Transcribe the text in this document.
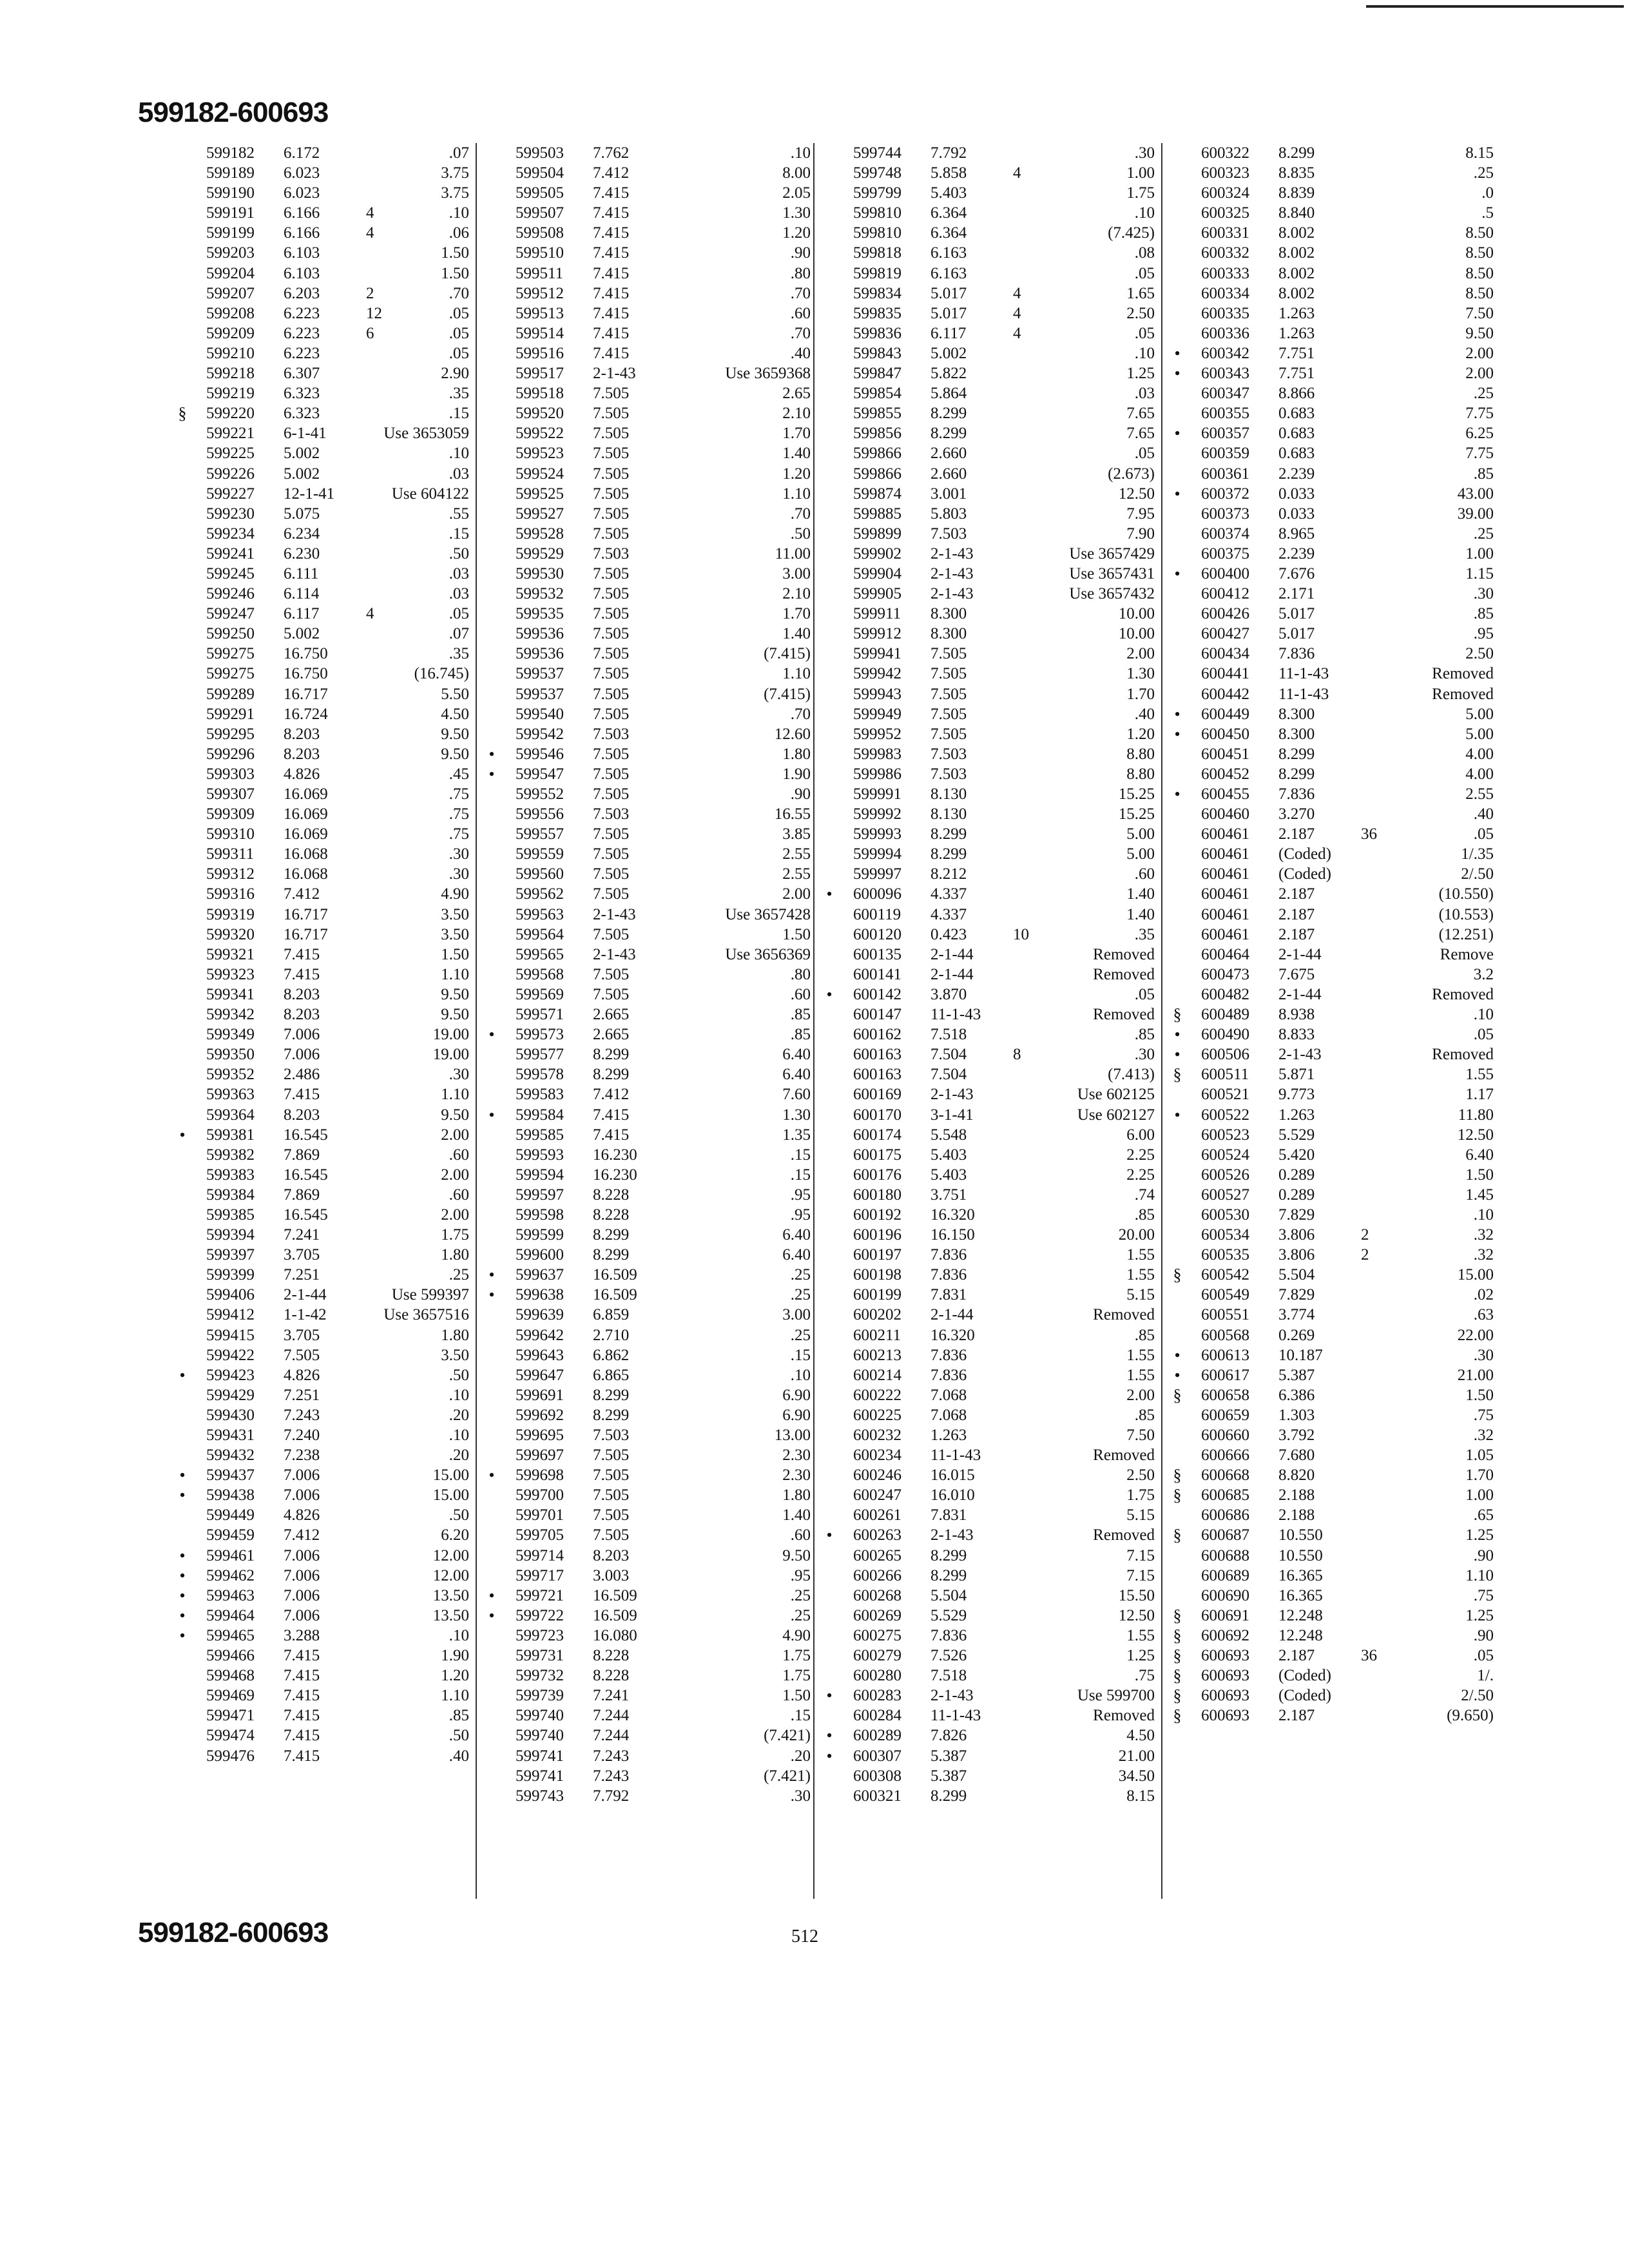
599182-600693
599182 6.172	.07
599189 6.023	3.75
599190 6.023	3.75
599191 6.166	4	.10
599199 6.166	4	.06
599203 6.103	1.50
599204 6.103	1.50
599207 6.203	2	.70
599208 6.223	12	.05
599209 6.223	6	.05
599210 6.223	.05
599218 6.307	2.90
599219 6.323	.35
§	599220 6.323	.15
599221 6-1-41	Use 3653059
599225 5.002	.10
599226 5.002	.03
599227 12-1-41	Use 604122
599230 5.075	.55
599234 6.234	.15
599241 6.230	.50
599245 6.111	.03
599246 6.114	.03
599247 6.117	4	.05
599250 5.002	.07
599275 16.750	.35
599275 16.750	(16.745)
599289 16.717	5.50
599291 16.724	4.50
599295 8.203	9.50
599296 8.203	9.50
599303 4.826	.45
599307 16.069	.75
599309 16.069	.75
599310 16.069	.75
599311 16.068	.30
599312 16.068	.30
599316 7.412	4.90
599319 16.717	3.50
599320 16.717	3.50
599321 7.415	1.50
599323 7.415	1.10
599341 8.203	9.50
599342 8.203	9.50
599349 7.006	19.00
599350 7.006	19.00
599352 2.486	.30
599363 7.415	1.10
599364 8.203	9.50
•	599381 16.545	2.00
599382 7.869	.60
599383 16.545	2.00
599384 7.869	.60
599385 16.545	2.00
599394 7.241	1.75
599397 3.705	1.80
599399 7.251	.25
599406 2-1-44	Use 599397
599412 1-1-42	Use 3657516
599415 3.705	1.80
599422 7.505	3.50
•	599423 4.826	.50
599429 7.251	.10
599430 7.243	.20
599431 7.240	.10
599432 7.238	.20
•	599437 7.006	15.00
•	599438 7.006	15.00
599449 4.826	.50
599459 7.412	6.20
•	599461 7.006	12.00
•	599462 7.006	12.00
•	599463 7.006	13.50
•	599464 7.006	13.50
•	599465 3.288	.10
599466 7.415	1.90
599468 7.415	1.20
599469 7.415	1.10
599471 7.415	.85
599474 7.415	.50
599476 7.415	.40
599503 7.762	.10
599504 7.412	8.00
599505 7.415	2.05
599507 7.415	1.30
599508 7.415	1.20
599510 7.415	.90
599511 7.415	.80
599512 7.415	.70
599513 7.415	.60
599514 7.415	.70
599516 7.415	.40
599517 2-1-43	Use 3659368
599518 7.505	2.65
599520 7.505	2.10
599522 7.505	1.70
599523 7.505	1.40
599524 7.505	1.20
599525 7.505	1.10
599527 7.505	.70
599528 7.505	.50
599529 7.503	11.00
599530 7.505	3.00
599532 7.505	2.10
599535 7.505	1.70
599536 7.505	1.40
599536 7.505	(7.415)
599537 7.505	1.10
599537 7.505	(7.415)
599540 7.505	.70
599542 7.503	12.60
•	599546 7.505	1.80
•	599547 7.505	1.90
599552 7.505	.90
599556 7.503	16.55
599557 7.505	3.85
599559 7.505	2.55
599560 7.505	2.55
599562 7.505	2.00
599563 2-1-43	Use 3657428
599564 7.505	1.50
599565 2-1-43	Use 3656369
599568 7.505	.80
599569 7.505	.60
599571 2.665	.85
•	599573 2.665	.85
599577 8.299	6.40
599578 8.299	6.40
599583 7.412	7.60
•	599584 7.415	1.30
599585 7.415	1.35
599593 16.230	.15
599594 16.230	.15
599597 8.228	.95
599598 8.228	.95
599599 8.299	6.40
599600 8.299	6.40
•	599637 16.509	.25
•	599638 16.509	.25
599639 6.859	3.00
599642 2.710	.25
599643 6.862	.15
599647 6.865	.10
599691 8.299	6.90
599692 8.299	6.90
599695 7.503	13.00
599697 7.505	2.30
•	599698 7.505	2.30
599700 7.505	1.80
599701 7.505	1.40
599705 7.505	.60
599714 8.203	9.50
599717 3.003	.95
•	599721 16.509	.25
•	599722 16.509	.25
599723 16.080	4.90
599731 8.228	1.75
599732 8.228	1.75
599739 7.241	1.50
599740 7.244	.15
599740 7.244	(7.421)
599741 7.243	.20
599741 7.243	(7.421)
599743 7.792	.30
599744 7.792	.30
599748 5.858	4	1.00
599799 5.403	1.75
599810 6.364	.10
599810 6.364	(7.425)
599818 6.163	.08
599819 6.163	.05
599834 5.017	4	1.65
599835 5.017	4	2.50
599836 6.117	4	.05
599843 5.002	.10
599847 5.822	1.25
599854 5.864	.03
599855 8.299	7.65
599856 8.299	7.65
599866 2.660	.05
599866 2.660	(2.673)
599874 3.001	12.50
599885 5.803	7.95
599899 7.503	7.90
599902 2-1-43	Use 3657429
599904 2-1-43	Use 3657431
599905 2-1-43	Use 3657432
599911 8.300	10.00
599912 8.300	10.00
599941 7.505	2.00
599942 7.505	1.30
599943 7.505	1.70
599949 7.505	.40
599952 7.505	1.20
599983 7.503	8.80
599986 7.503	8.80
599991 8.130	15.25
599992 8.130	15.25
599993 8.299	5.00
599994 8.299	5.00
599997 8.212	.60
•	600096 4.337	1.40
600119 4.337	1.40
600120 0.423	10	.35
600135 2-1-44	Removed
600141 2-1-44	Removed
•	600142 3.870	.05
600147 11-1-43	Removed
600162 7.518	.85
600163 7.504	8	.30
600163 7.504	(7.413)
600169 2-1-43	Use 602125
600170 3-1-41	Use 602127
600174 5.548	6.00
600175 5.403	2.25
600176 5.403	2.25
600180 3.751	.74
600192 16.320	.85
600196 16.150	20.00
600197 7.836	1.55
600198 7.836	1.55
600199 7.831	5.15
600202 2-1-44	Removed
600211 16.320	.85
600213 7.836	1.55
600214 7.836	1.55
600222 7.068	2.00
600225 7.068	.85
600232 1.263	7.50
600234 11-1-43	Removed
600246 16.015	2.50
600247 16.010	1.75
600261 7.831	5.15
•	600263 2-1-43	Removed
600265 8.299	7.15
600266 8.299	7.15
600268 5.504	15.50
600269 5.529	12.50
600275 7.836	1.55
600279 7.526	1.25
600280 7.518	.75
•	600283 2-1-43	Use 599700
600284 11-1-43	Removed
•	600289 7.826	4.50
•	600307 5.387	21.00
600308 5.387	34.50
600321 8.299	8.15
600322 8.299	8.15
600323 8.835	.25
600324 8.839	.0
600325 8.840	.5
600331 8.002	8.50
600332 8.002	8.50
600333 8.002	8.50
600334 8.002	8.50
600335 1.263	7.50
600336 1.263	9.50
•	600342 7.751	2.00
•	600343 7.751	2.00
600347 8.866	.25
600355 0.683	7.75
•	600357 0.683	6.25
600359 0.683	7.75
600361 2.239	.85
•	600372 0.033	43.00
600373 0.033	39.00
600374 8.965	.25
600375 2.239	1.00
•	600400 7.676	1.15
600412 2.171	.30
600426 5.017	.85
600427 5.017	.95
600434 7.836	2.50
600441 11-1-43	Removed
600442 11-1-43	Removed
•	600449 8.300	5.00
•	600450 8.300	5.00
600451 8.299	4.00
600452 8.299	4.00
•	600455 7.836	2.55
600460 3.270	.40
600461 2.187	36	.05
600461 (Coded)	1/.35
600461 (Coded)	2/.50
600461 2.187	(10.550)
600461 2.187	(10.553)
600461 2.187	(12.251)
600464 2-1-44	Remove
600473 7.675	3.2
600482 2-1-44	Removed
§	600489 8.938	.10
•	600490 8.833	.05
•	600506 2-1-43	Removed
§	600511 5.871	1.55
600521 9.773	1.17
•	600522 1.263	11.80
600523 5.529	12.50
600524 5.420	6.40
600526 0.289	1.50
600527 0.289	1.45
600530 7.829	.10
600534 3.806	2	.32
600535 3.806	2	.32
§	600542 5.504	15.00
600549 7.829	.02
600551 3.774	.63
600568 0.269	22.00
•	600613 10.187	.30
•	600617 5.387	21.00
§	600658 6.386	1.50
600659 1.303	.75
600660 3.792	.32
600666 7.680	1.05
§	600668 8.820	1.70
§	600685 2.188	1.00
600686 2.188	.65
§	600687 10.550	1.25
600688 10.550	.90
600689 16.365	1.10
600690 16.365	.75
§	600691 12.248	1.25
§	600692 12.248	.90
§	600693 2.187	36	.05
§	600693 (Coded)	1/.
§	600693 (Coded)	2/.50
§	600693 2.187	(9.650)
599182-600693	512
